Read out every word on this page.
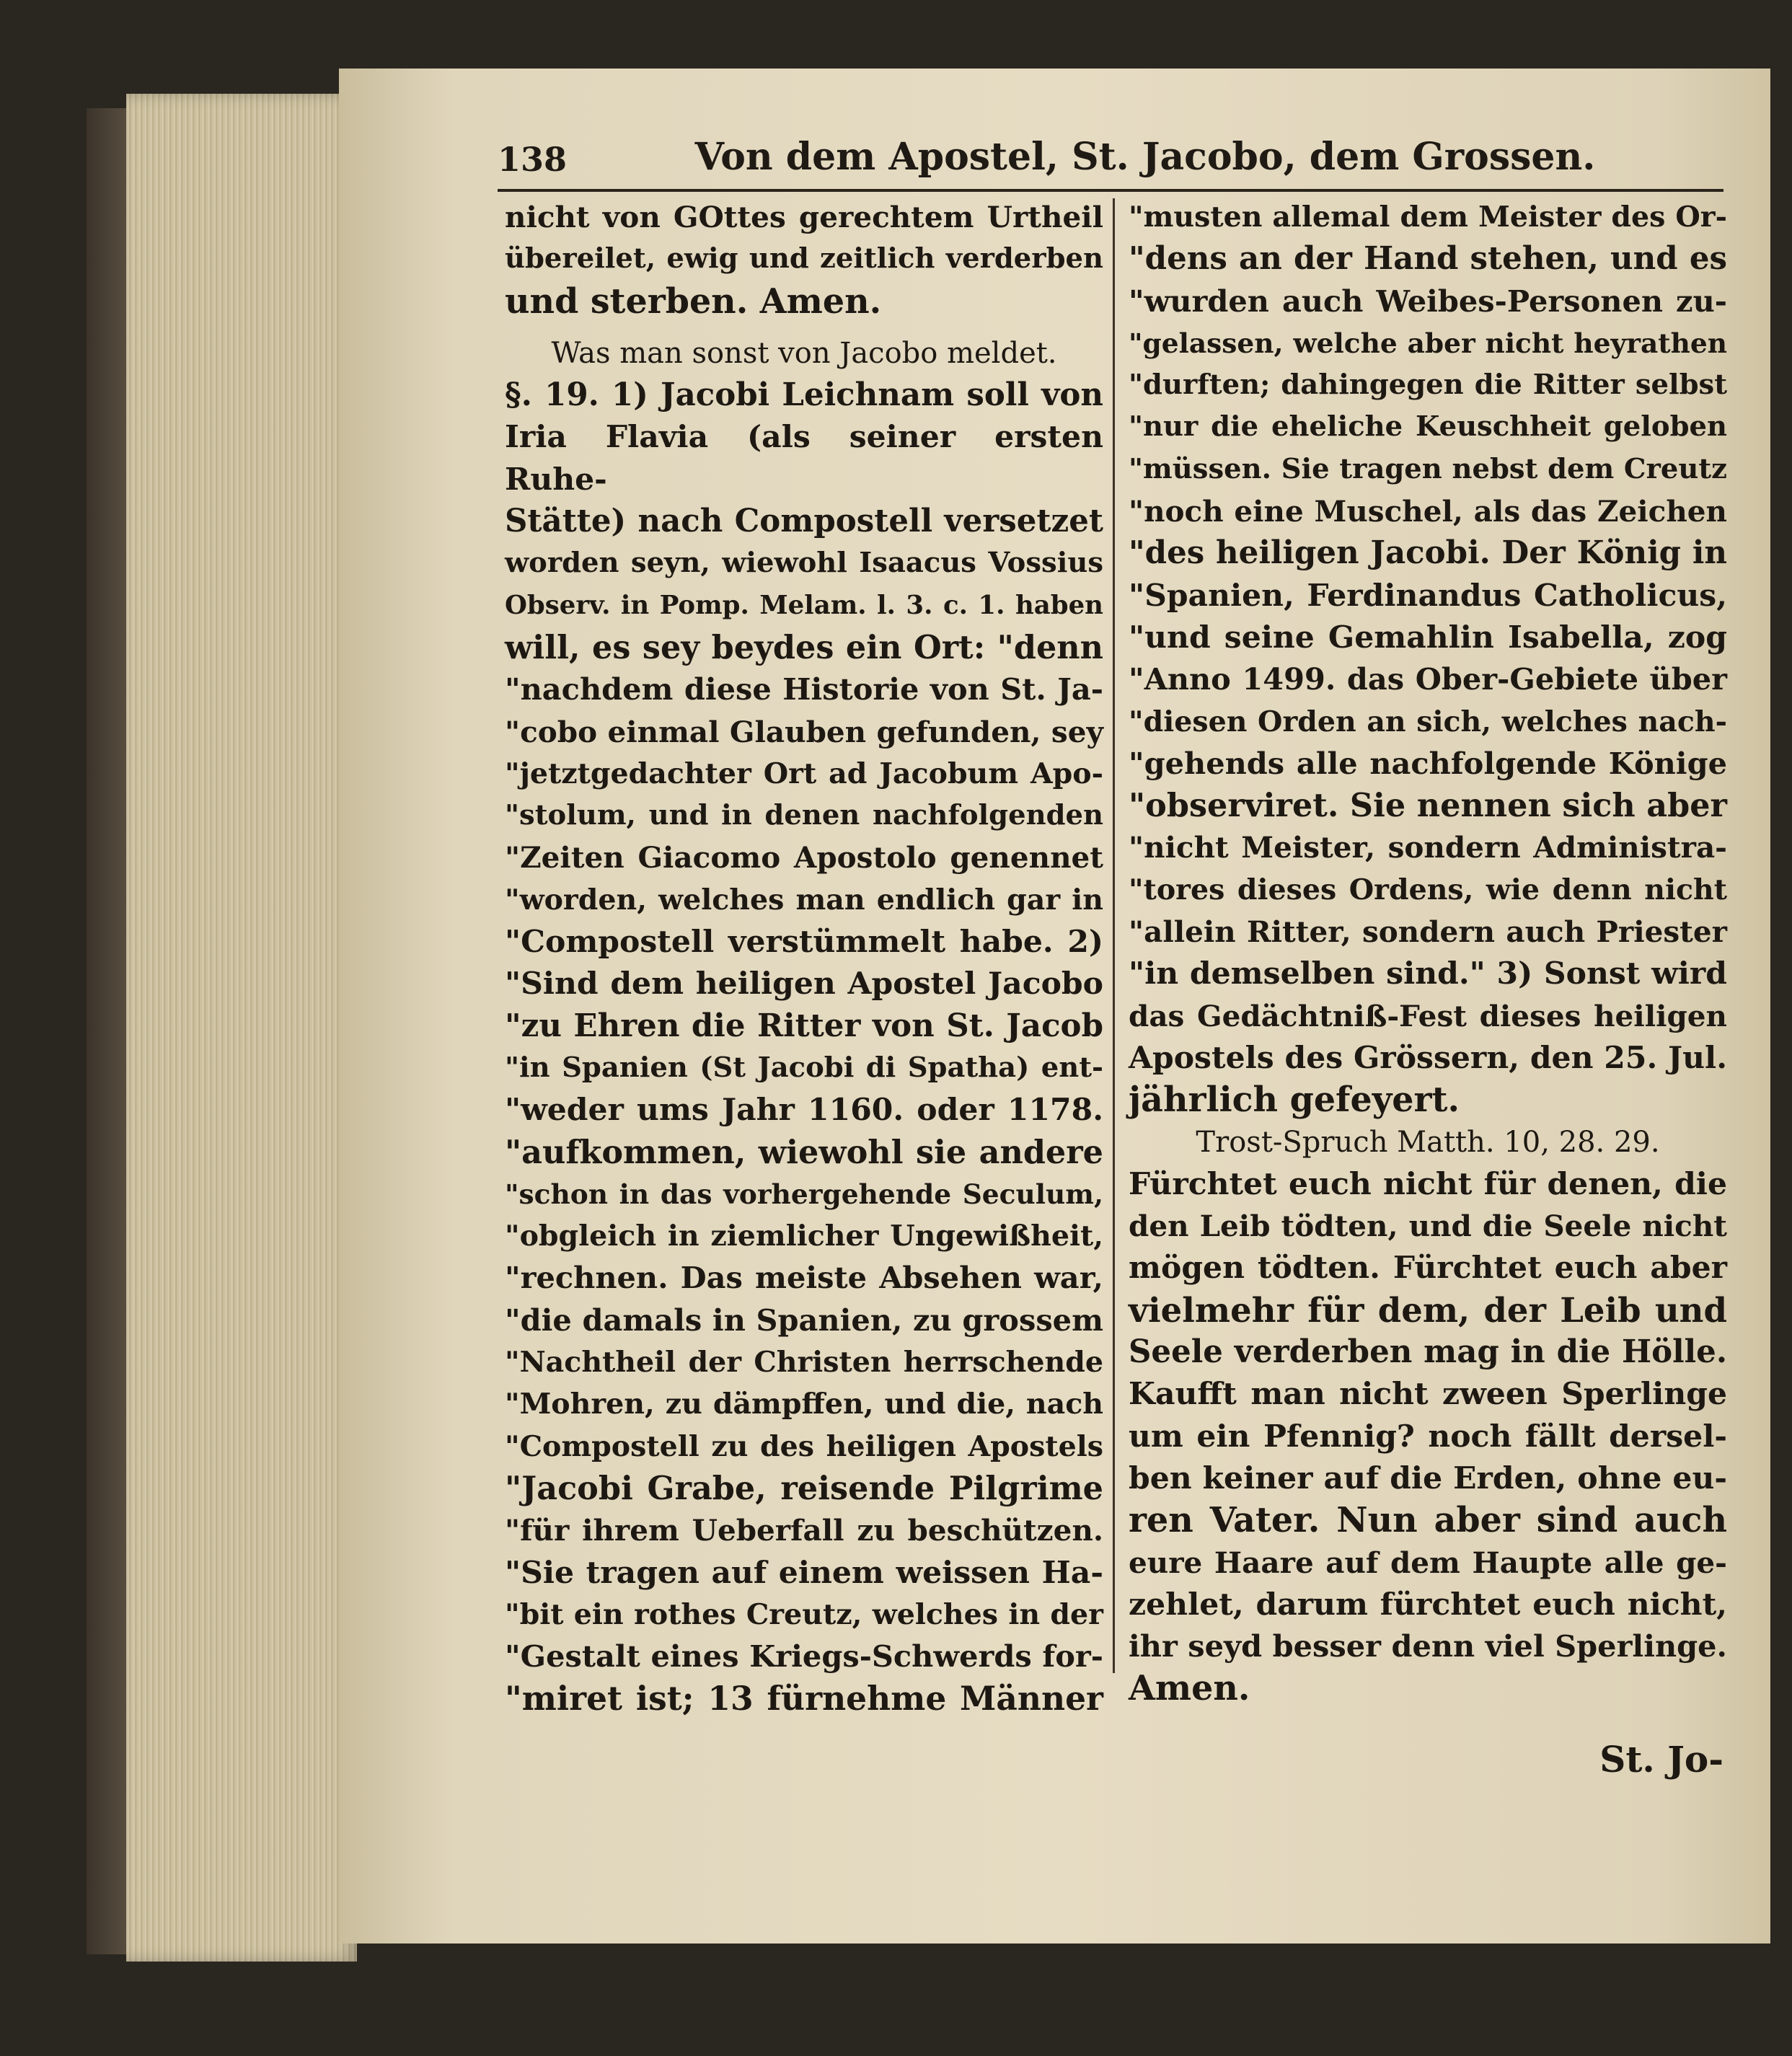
138	Von dem Apostel, St. Jacobo, dem Grossen.
nicht von GOttes gerechtem Urtheil
übereilet, ewig und zeitlich verderben
und sterben. Amen.
Was man sonst von Jacobo meldet.
§. 19. 1) Jacobi Leichnam soll von
Iria Flavia (als seiner ersten Ruhe-
Stätte) nach Compostell versetzet
worden seyn, wiewohl Isaacus Vossius
Observ. in Pomp. Melam. l. 3. c. 1. haben
will, es sey beydes ein Ort: "denn
"nachdem diese Historie von St. Ja-
"cobo einmal Glauben gefunden, sey
"jetztgedachter Ort ad Jacobum Apo-
"stolum, und in denen nachfolgenden
"Zeiten Giacomo Apostolo genennet
"worden, welches man endlich gar in
"Compostell verstümmelt habe. 2)
"Sind dem heiligen Apostel Jacobo
"zu Ehren die Ritter von St. Jacob
"in Spanien (St Jacobi di Spatha) ent-
"weder ums Jahr 1160. oder 1178.
"aufkommen, wiewohl sie andere
"schon in das vorhergehende Seculum,
"obgleich in ziemlicher Ungewißheit,
"rechnen. Das meiste Absehen war,
"die damals in Spanien, zu grossem
"Nachtheil der Christen herrschende
"Mohren, zu dämpffen, und die, nach
"Compostell zu des heiligen Apostels
"Jacobi Grabe, reisende Pilgrime
"für ihrem Ueberfall zu beschützen.
"Sie tragen auf einem weissen Ha-
"bit ein rothes Creutz, welches in der
"Gestalt eines Kriegs-Schwerds for-
"miret ist; 13 fürnehme Männer
"musten allemal dem Meister des Or-
"dens an der Hand stehen, und es
"wurden auch Weibes-Personen zu-
"gelassen, welche aber nicht heyrathen
"durften; dahingegen die Ritter selbst
"nur die eheliche Keuschheit geloben
"müssen. Sie tragen nebst dem Creutz
"noch eine Muschel, als das Zeichen
"des heiligen Jacobi. Der König in
"Spanien, Ferdinandus Catholicus,
"und seine Gemahlin Isabella, zog
"Anno 1499. das Ober-Gebiete über
"diesen Orden an sich, welches nach-
"gehends alle nachfolgende Könige
"observiret. Sie nennen sich aber
"nicht Meister, sondern Administra-
"tores dieses Ordens, wie denn nicht
"allein Ritter, sondern auch Priester
"in demselben sind." 3) Sonst wird
das Gedächtniß-Fest dieses heiligen
Apostels des Grössern, den 25. Jul.
jährlich gefeyert.
Trost-Spruch Matth. 10, 28. 29.
Fürchtet euch nicht für denen, die
den Leib tödten, und die Seele nicht
mögen tödten. Fürchtet euch aber
vielmehr für dem, der Leib und
Seele verderben mag in die Hölle.
Kaufft man nicht zween Sperlinge
um ein Pfennig? noch fällt dersel-
ben keiner auf die Erden, ohne eu-
ren Vater. Nun aber sind auch
eure Haare auf dem Haupte alle ge-
zehlet, darum fürchtet euch nicht,
ihr seyd besser denn viel Sperlinge.
Amen.
St. Jo-
